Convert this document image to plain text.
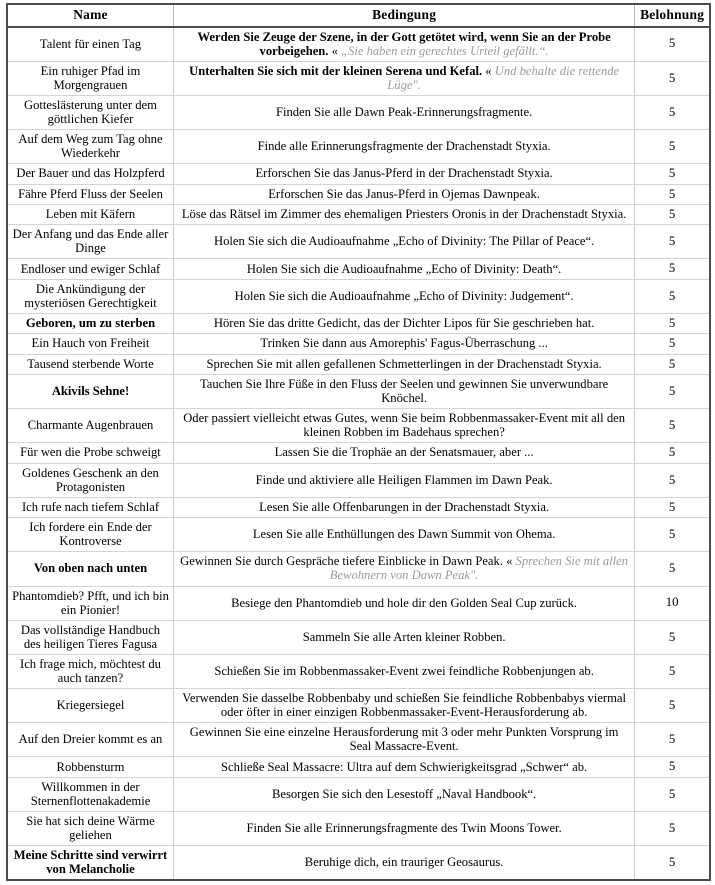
Name	Bedingung	Belohnung
Talent für einen Tag	Werden Sie Zeuge der Szene, in der Gott getötet wird, wenn Sie an der Probe vorbeigehen. « „Sie haben ein gerechtes Urteil gefällt.“.	5
Ein ruhiger Pfad im Morgengrauen	Unterhalten Sie sich mit der kleinen Serena und Kefal. « Und behalte die rettende Lüge".	5
Gotteslästerung unter dem göttlichen Kiefer	Finden Sie alle Dawn Peak-Erinnerungsfragmente.	5
Auf dem Weg zum Tag ohne Wiederkehr	Finde alle Erinnerungsfragmente der Drachenstadt Styxia.	5
Der Bauer und das Holzpferd	Erforschen Sie das Janus-Pferd in der Drachenstadt Styxia.	5
Fähre Pferd Fluss der Seelen	Erforschen Sie das Janus-Pferd in Ojemas Dawnpeak.	5
Leben mit Käfern	Löse das Rätsel im Zimmer des ehemaligen Priesters Oronis in der Drachenstadt Styxia.	5
Der Anfang und das Ende aller Dinge	Holen Sie sich die Audioaufnahme „Echo of Divinity: The Pillar of Peace“.	5
Endloser und ewiger Schlaf	Holen Sie sich die Audioaufnahme „Echo of Divinity: Death“.	5
Die Ankündigung der mysteriösen Gerechtigkeit	Holen Sie sich die Audioaufnahme „Echo of Divinity: Judgement“.	5
Geboren, um zu sterben	Hören Sie das dritte Gedicht, das der Dichter Lipos für Sie geschrieben hat.	5
Ein Hauch von Freiheit	Trinken Sie dann aus Amorephis' Fagus-Überraschung ...	5
Tausend sterbende Worte	Sprechen Sie mit allen gefallenen Schmetterlingen in der Drachenstadt Styxia.	5
Akivils Sehne!	Tauchen Sie Ihre Füße in den Fluss der Seelen und gewinnen Sie unverwundbare Knöchel.	5
Charmante Augenbrauen	Oder passiert vielleicht etwas Gutes, wenn Sie beim Robbenmassaker-Event mit all den kleinen Robben im Badehaus sprechen?	5
Für wen die Probe schweigt	Lassen Sie die Trophäe an der Senatsmauer, aber ...	5
Goldenes Geschenk an den Protagonisten	Finde und aktiviere alle Heiligen Flammen im Dawn Peak.	5
Ich rufe nach tiefem Schlaf	Lesen Sie alle Offenbarungen in der Drachenstadt Styxia.	5
Ich fordere ein Ende der Kontroverse	Lesen Sie alle Enthüllungen des Dawn Summit von Ohema.	5
Von oben nach unten	Gewinnen Sie durch Gespräche tiefere Einblicke in Dawn Peak. « Sprechen Sie mit allen Bewohnern von Dawn Peak".	5
Phantomdieb? Pfft, und ich bin ein Pionier!	Besiege den Phantomdieb und hole dir den Golden Seal Cup zurück.	10
Das vollständige Handbuch des heiligen Tieres Fagusa	Sammeln Sie alle Arten kleiner Robben.	5
Ich frage mich, möchtest du auch tanzen?	Schießen Sie im Robbenmassaker-Event zwei feindliche Robbenjungen ab.	5
Kriegersiegel	Verwenden Sie dasselbe Robbenbaby und schießen Sie feindliche Robbenbabys viermal oder öfter in einer einzigen Robbenmassaker-Event-Herausforderung ab.	5
Auf den Dreier kommt es an	Gewinnen Sie eine einzelne Herausforderung mit 3 oder mehr Punkten Vorsprung im Seal Massacre-Event.	5
Robbensturm	Schließe Seal Massacre: Ultra auf dem Schwierigkeitsgrad „Schwer“ ab.	5
Willkommen in der Sternenflottenakademie	Besorgen Sie sich den Lesestoff „Naval Handbook“.	5
Sie hat sich deine Wärme geliehen	Finden Sie alle Erinnerungsfragmente des Twin Moons Tower.	5
Meine Schritte sind verwirrt von Melancholie	Beruhige dich, ein trauriger Geosaurus.	5
